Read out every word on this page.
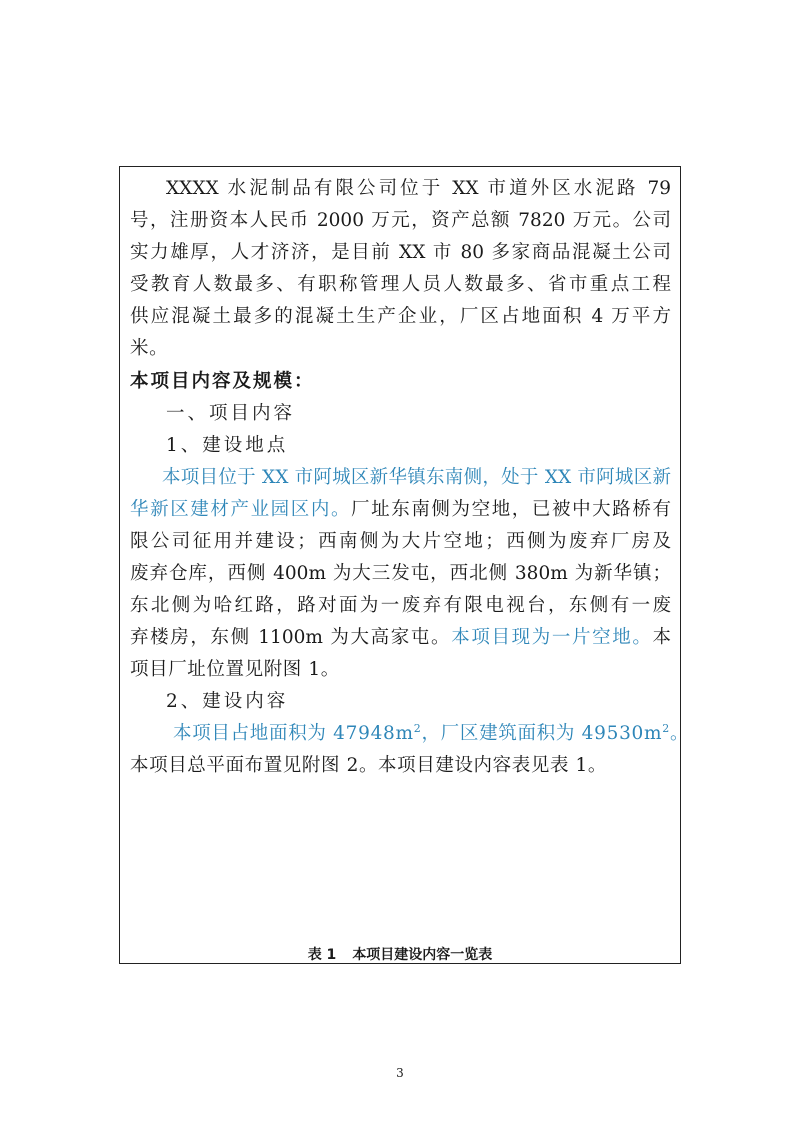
XXXX 水泥制品有限公司位于 XX 市道外区水泥路 79
号，注册资本人民币 2000 万元，资产总额 7820 万元。公司
实力雄厚，人才济济，是目前 XX 市 80 多家商品混凝土公司
受教育人数最多、有职称管理人员人数最多、省市重点工程
供应混凝土最多的混凝土生产企业，厂区占地面积 4 万平方
米。
本项目内容及规模：
一、项目内容
1、建设地点
本项目位于 XX 市阿城区新华镇东南侧，处于 XX 市阿城区新
华新区建材产业园区内。厂址东南侧为空地，已被中大路桥有
限公司征用并建设；西南侧为大片空地；西侧为废弃厂房及
废弃仓库，西侧 400m 为大三发屯，西北侧 380m 为新华镇；
东北侧为哈红路，路对面为一废弃有限电视台，东侧有一废
弃楼房，东侧 1100m 为大高家屯。本项目现为一片空地。本
项目厂址位置见附图 1。
2、建设内容
本项目占地面积为 $47948m^2$，厂区建筑面积为 $49530m^2$。
本项目总平面布置见附图 2。本项目建设内容表见表 1。
表 1 本项目建设内容一览表
3
